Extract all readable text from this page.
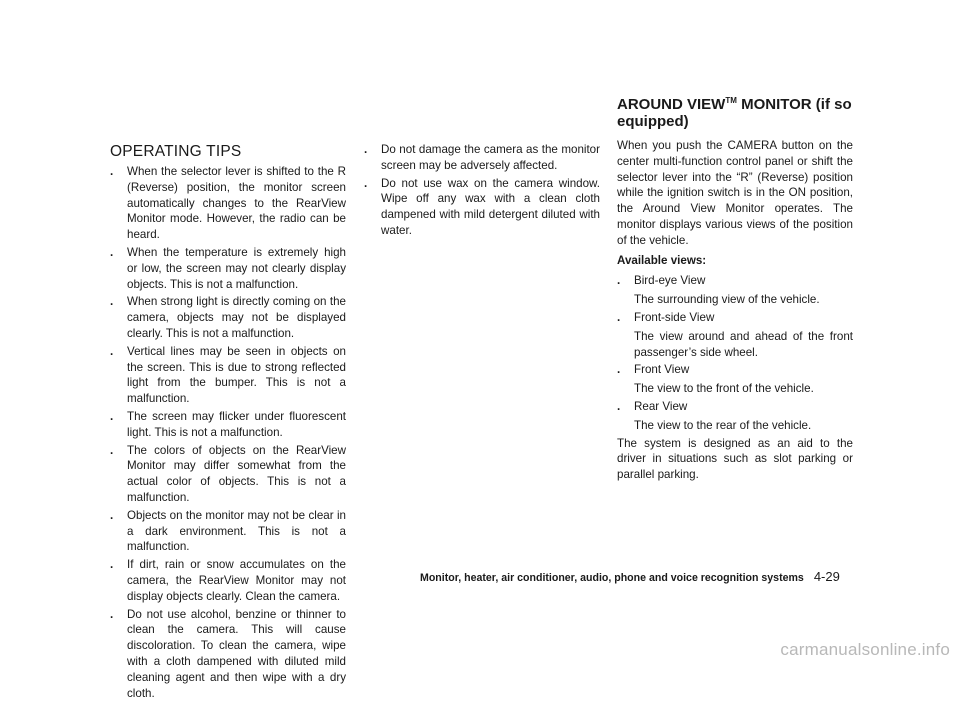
OPERATING TIPS
. When the selector lever is shifted to the R (Reverse) position, the monitor screen automatically changes to the RearView Monitor mode. However, the radio can be heard.
. When the temperature is extremely high or low, the screen may not clearly display objects. This is not a malfunction.
. When strong light is directly coming on the camera, objects may not be displayed clearly. This is not a malfunction.
. Vertical lines may be seen in objects on the screen. This is due to strong reflected light from the bumper. This is not a malfunction.
. The screen may flicker under fluorescent light. This is not a malfunction.
. The colors of objects on the RearView Monitor may differ somewhat from the actual color of objects. This is not a malfunction.
. Objects on the monitor may not be clear in a dark environment. This is not a malfunction.
. If dirt, rain or snow accumulates on the camera, the RearView Monitor may not display objects clearly. Clean the camera.
. Do not use alcohol, benzine or thinner to clean the camera. This will cause discoloration. To clean the camera, wipe with a cloth dampened with diluted mild cleaning agent and then wipe with a dry cloth.
. Do not damage the camera as the monitor screen may be adversely affected.
. Do not use wax on the camera window. Wipe off any wax with a clean cloth dampened with mild detergent diluted with water.
AROUND VIEW™ MONITOR (if so equipped)

When you push the CAMERA button on the center multi-function control panel or shift the selector lever into the “R” (Reverse) position while the ignition switch is in the ON position, the Around View Monitor operates. The monitor displays various views of the position of the vehicle.

Available views:

. Bird-eye View
The surrounding view of the vehicle.
. Front-side View
The view around and ahead of the front passenger’s side wheel.
. Front View
The view to the front of the vehicle.
. Rear View
The view to the rear of the vehicle.

The system is designed as an aid to the driver in situations such as slot parking or parallel parking.

Monitor, heater, air conditioner, audio, phone and voice recognition systems 4-29
carmanualsonline.info
